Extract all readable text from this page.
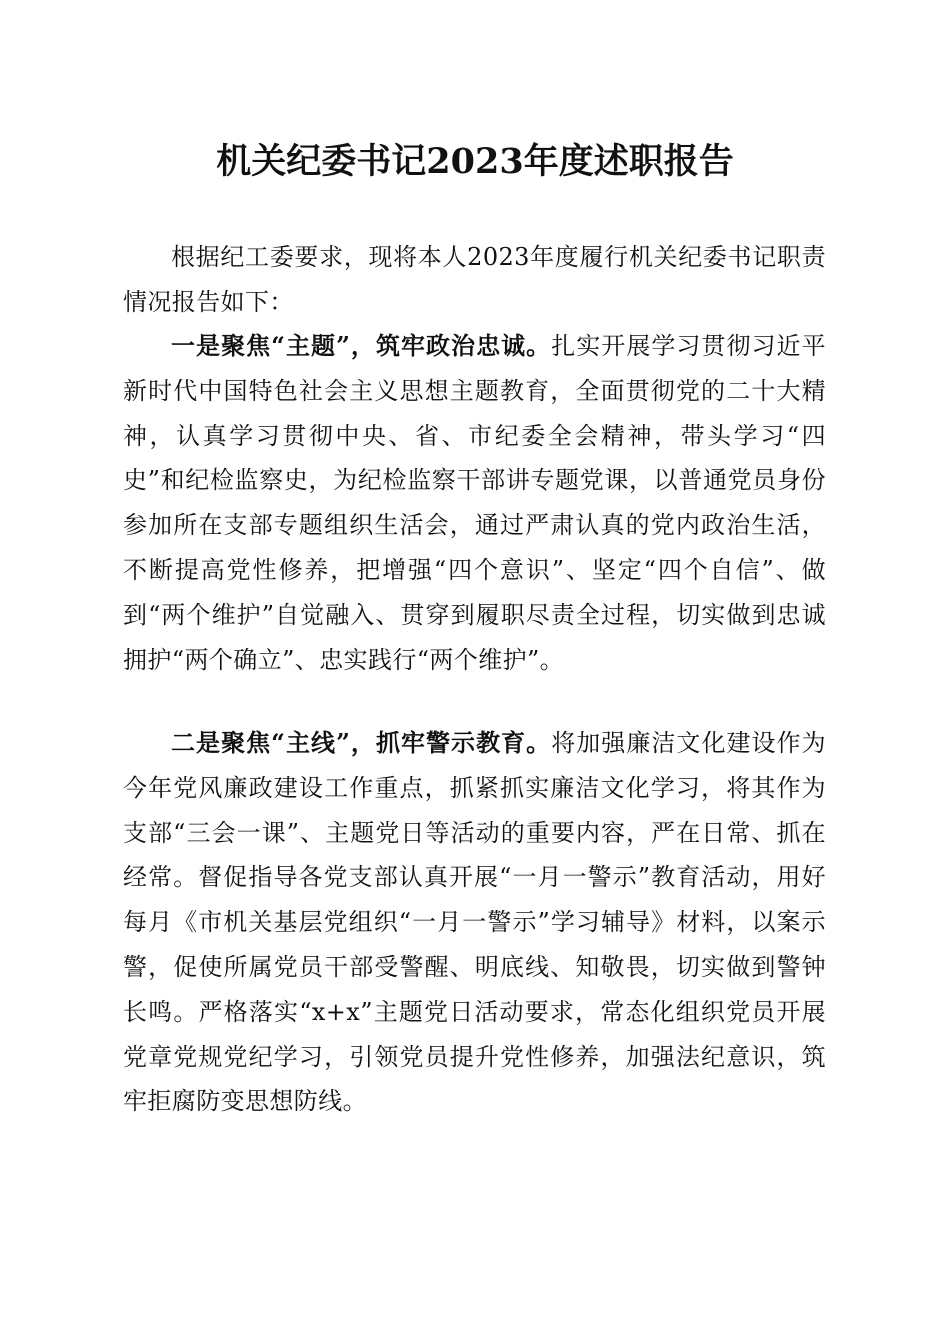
机关纪委书记2023年度述职报告

根据纪工委要求，现将本人2023年度履行机关纪委书记职责情况报告如下：

一是聚焦“主题”，筑牢政治忠诚。扎实开展学习贯彻习近平新时代中国特色社会主义思想主题教育，全面贯彻党的二十大精神，认真学习贯彻中央、省、市纪委全会精神，带头学习“四史”和纪检监察史，为纪检监察干部讲专题党课，以普通党员身份参加所在支部专题组织生活会，通过严肃认真的党内政治生活，不断提高党性修养，把增强“四个意识”、坚定“四个自信”、做到“两个维护”自觉融入、贯穿到履职尽责全过程，切实做到忠诚拥护“两个确立”、忠实践行“两个维护”。

二是聚焦“主线”，抓牢警示教育。将加强廉洁文化建设作为今年党风廉政建设工作重点，抓紧抓实廉洁文化学习，将其作为支部“三会一课”、主题党日等活动的重要内容，严在日常、抓在经常。督促指导各党支部认真开展“一月一警示”教育活动，用好每月《市机关基层党组织“一月一警示”学习辅导》材料，以案示警，促使所属党员干部受警醒、明底线、知敬畏，切实做到警钟长鸣。严格落实“x+x”主题党日活动要求，常态化组织党员开展党章党规党纪学习，引领党员提升党性修养，加强法纪意识，筑牢拒腐防变思想防线。
